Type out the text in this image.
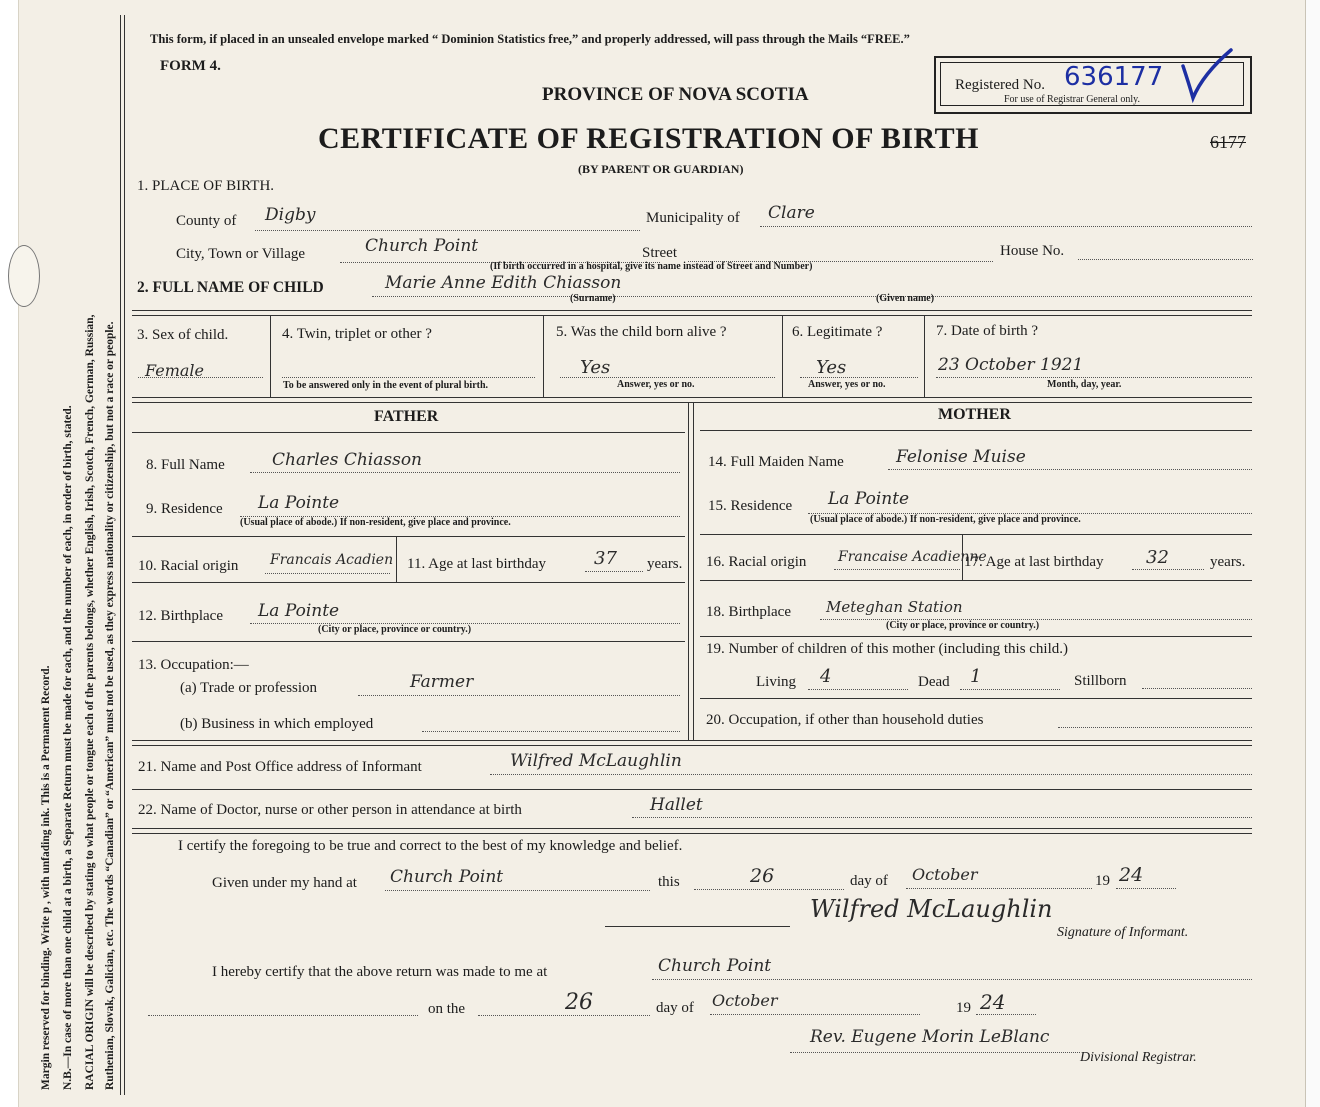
Margin reserved for binding. Write p , with unfading ink. This is a Permanent Record. N.B.—In case of more than one child at a birth, a Separate Return must be made for each, and the number of each, in order of birth, stated. RACIAL ORIGIN will be described by stating to what people or tongue each of the parents belongs, whether English, Irish, Scotch, French, German, Russian, Ruthenian, Slovak, Galician, etc. The words “Canadian” or “American” must not be used, as they express nationality or citizenship, but not a race or people.
This form, if placed in an unsealed envelope marked “ Dominion Statistics free,” and properly addressed, will pass through the Mails “FREE.”
FORM 4.
PROVINCE OF NOVA SCOTIA
CERTIFICATE OF REGISTRATION OF BIRTH
(BY PARENT OR GUARDIAN)
Registered No. 636177
For use of Registrar General only.
6177
1. PLACE OF BIRTH.
County of Digby	Municipality of Clare
City, Town or Village	Church Point	Street	House No.
(If birth occurred in a hospital, give its name instead of Street and Number)
2. FULL NAME OF CHILD	Marie Anne Edith Chiasson
(Surname)	(Given name)
3. Sex of child.
Female
4. Twin, triplet or other ?
To be answered only in the event of plural birth.
5. Was the child born alive ?
Yes
Answer, yes or no.
6. Legitimate ?
Yes
Answer, yes or no.
7. Date of birth ?
23 October 1921
Month, day, year.
FATHER	MOTHER
8. Full Name	Charles Chiasson
9. Residence La Pointe
(Usual place of abode.) If non-resident, give place and province.
10. Racial origin Francais Acadien 11. Age at last birthday	37 years.
12. Birthplace La Pointe
(City or place, province or country.)
13. Occupation:—
(a) Trade or profession	Farmer
(b) Business in which employed
14. Full Maiden Name	Felonise Muise
15. Residence La Pointe
(Usual place of abode.) If non-resident, give place and province.
16. Racial origin Francaise Acadienne
17. Age at last birthday 32	years.
18. Birthplace Meteghan Station
(City or place, province or country.)
19. Number of children of this mother (including this child.)
Living 4	Dead 1	Stillborn
20. Occupation, if other than household duties
21. Name and Post Office address of Informant	Wilfred McLaughlin
22. Name of Doctor, nurse or other person in attendance at birth	Hallet
I certify the foregoing to be true and correct to the best of my knowledge and belief.
Given under my hand at Church Point	this	26	day of October	19 24
Wilfred McLaughlin
Signature of Informant.
I hereby certify that the above return was made to me at	Church Point
on the	26	day of October	19 24
Rev. Eugene Morin LeBlanc
Divisional Registrar.
